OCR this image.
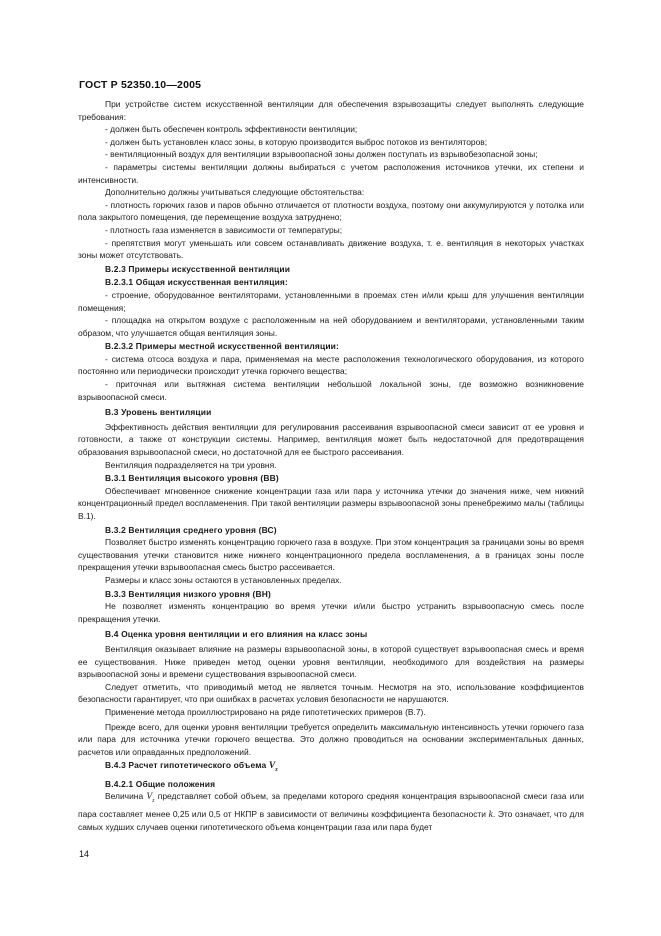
ГОСТ Р 52350.10—2005

При устройстве систем искусственной вентиляции для обеспечения взрывозащиты следует выполнять следующие требования:

- должен быть обеспечен контроль эффективности вентиляции;

- должен быть установлен класс зоны, в которую производится выброс потоков из вентиляторов;

- вентиляционный воздух для вентиляции взрывоопасной зоны должен поступать из взрывобезопасной зоны;

- параметры системы вентиляции должны выбираться с учетом расположения источников утечки, их степени и интенсивности.

Дополнительно должны учитываться следующие обстоятельства:

- плотность горючих газов и паров обычно отличается от плотности воздуха, поэтому они аккумулируются у потолка или пола закрытого помещения, где перемещение воздуха затруднено;

- плотность газа изменяется в зависимости от температуры;

- препятствия могут уменьшать или совсем останавливать движение воздуха, т. е. вентиляция в некоторых участках зоны может отсутствовать.

В.2.3 Примеры искусственной вентиляции
В.2.3.1 Общая искусственная вентиляция:

- строение, оборудованное вентиляторами, установленными в проемах стен и/или крыш для улучшения вентиляции помещения;

- площадка на открытом воздухе с расположенным на ней оборудованием и вентиляторами, установленными таким образом, что улучшается общая вентиляция зоны.

В.2.3.2 Примеры местной искусственной вентиляции:

- система отсоса воздуха и пара, применяемая на месте расположения технологического оборудования, из которого постоянно или периодически происходит утечка горючего вещества;

- приточная или вытяжная система вентиляции небольшой локальной зоны, где возможно возникновение взрывоопасной смеси.

В.3 Уровень вентиляции

Эффективность действия вентиляции для регулирования рассеивания взрывоопасной смеси зависит от ее уровня и готовности, а также от конструкции системы. Например, вентиляция может быть недостаточной для предотвращения образования взрывоопасной смеси, но достаточной для ее быстрого рассеивания.

Вентиляция подразделяется на три уровня.

В.3.1 Вентиляция высокого уровня (ВВ)

Обеспечивает мгновенное снижение концентрации газа или пара у источника утечки до значения ниже, чем нижний концентрационный предел воспламенения. При такой вентиляции размеры взрывоопасной зоны пренебрежимо малы (таблицы В.1).

В.3.2 Вентиляция среднего уровня (ВС)

Позволяет быстро изменять концентрацию горючего газа в воздухе. При этом концентрация за границами зоны во время существования утечки становится ниже нижнего концентрационного предела воспламенения, а в границах зоны после прекращения утечки взрывоопасная смесь быстро рассеивается.

Размеры и класс зоны остаются в установленных пределах.

В.3.3 Вентиляция низкого уровня (ВН)

Не позволяет изменять концентрацию во время утечки и/или быстро устранить взрывоопасную смесь после прекращения утечки.

В.4 Оценка уровня вентиляции и его влияния на класс зоны

Вентиляция оказывает влияние на размеры взрывоопасной зоны, в которой существует взрывоопасная смесь и время ее существования. Ниже приведен метод оценки уровня вентиляции, необходимого для воздействия на размеры взрывоопасной зоны и времени существования взрывоопасной смеси.

Следует отметить, что приводимый метод не является точным. Несмотря на это, использование коэффициентов безопасности гарантирует, что при ошибках в расчетах условия безопасности не нарушаются.

Применение метода проиллюстрировано на ряде гипотетических примеров (В.7).

Прежде всего, для оценки уровня вентиляции требуется определить максимальную интенсивность утечки горючего газа или пара для источника утечки горючего вещества. Это должно проводиться на основании экспериментальных данных, расчетов или оправданных предположений.

В.4.3 Расчет гипотетического объема $V_z$
В.4.2.1 Общие положения

Величина $V_z$ представляет собой объем, за пределами которого средняя концентрация взрывоопасной смеси газа или пара составляет менее 0,25 или 0,5 от НКПР в зависимости от величины коэффициента безопасности k. Это означает, что для самых худших случаев оценки гипотетического объема концентрации газа или пара будет

14
